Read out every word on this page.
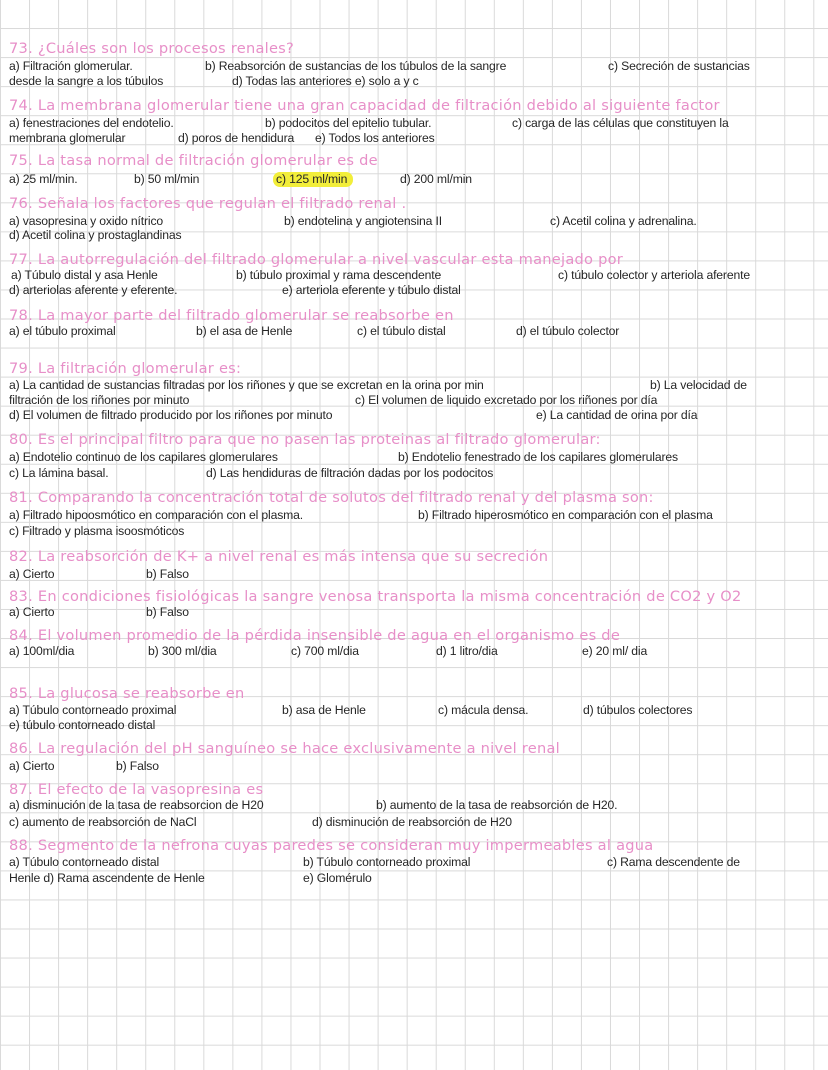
73. ¿Cuáles son los procesos renales?

a) Filtración glomerular.

	b) Reabsorción de sustancias de los túbulos de la sangre

	c) Secreción de sustancias

desde la sangre a los túbulos

	d) Todas las anteriores e) solo a y c

74. La membrana glomerular tiene una gran capacidad de filtración debido al siguiente factor

a) fenestraciones del endotelio.

	b) podocitos del epitelio tubular.

	c) carga de las células que constituyen la

membrana glomerular

	d) poros de hendidura

e) Todos los anteriores

75. La tasa normal de filtración glomerular es de

a) 25 ml/min.

	b) 50 ml/min

	c) 125 ml/min

	d) 200 ml/min

76. Señala los factores que regulan el filtrado renal .

a) vasopresina y oxido nítrico

	b) endotelina y angiotensina II

	c) Acetil colina y adrenalina.

d) Acetil colina y prostaglandinas

77. La autorregulación del filtrado glomerular a nivel vascular esta manejado por

a) Túbulo distal y asa Henle

	b) túbulo proximal y rama descendente

	c) túbulo colector y arteriola aferente

d) arteriolas aferente y eferente.

	e) arteriola eferente y túbulo distal

78. La mayor parte del filtrado glomerular se reabsorbe en

a) el túbulo proximal

	b) el asa de Henle

	c) el túbulo distal

	d) el túbulo colector

79. La filtración glomerular es:

a) La cantidad de sustancias filtradas por los riñones y que se excretan en la orina por min

	b) La velocidad de

filtración de los riñones por minuto

	c) El volumen de liquido excretado por los riñones por día

d) El volumen de filtrado producido por los riñones por minuto

	e) La cantidad de orina por día

80. Es el principal filtro para que no pasen las proteinas al filtrado glomerular:

a) Endotelio continuo de los capilares glomerulares

	b) Endotelio fenestrado de los capilares glomerulares

c) La lámina basal.

	d) Las hendiduras de filtración dadas por los podocitos

81. Comparando la concentración total de solutos del filtrado renal y del plasma son:

a) Filtrado hipoosmótico en comparación con el plasma.

	b) Filtrado hiperosmótico en comparación con el plasma

c) Filtrado y plasma isoosmóticos

82. La reabsorción de K+ a nivel renal es más intensa que su secreción

a) Cierto

	b) Falso

83. En condiciones fisiológicas la sangre venosa transporta la misma concentración de CO2 y O2

a) Cierto

	b) Falso

84. El volumen promedio de la pérdida insensible de agua en el organismo es de

a) 100ml/dia

	b) 300 ml/dia

	c) 700 ml/dia

	d) 1 litro/dia

	e) 20 ml/ dia

85. La glucosa se reabsorbe en

a) Túbulo contorneado proximal

	b) asa de Henle

	c) mácula densa.

	d) túbulos colectores

e) túbulo contorneado distal

86. La regulación del pH sanguíneo se hace exclusivamente a nivel renal

a) Cierto

	b) Falso

87. El efecto de la vasopresina es

a) disminución de la tasa de reabsorcion de H20

	b) aumento de la tasa de reabsorción de H20.

c) aumento de reabsorción de NaCl

	d) disminución de reabsorción de H20

88. Segmento de la nefrona cuyas paredes se consideran muy impermeables al agua

a) Túbulo contorneado distal

	b) Túbulo contorneado proximal

	c) Rama descendente de

Henle d) Rama ascendente de Henle

	e) Glomérulo
